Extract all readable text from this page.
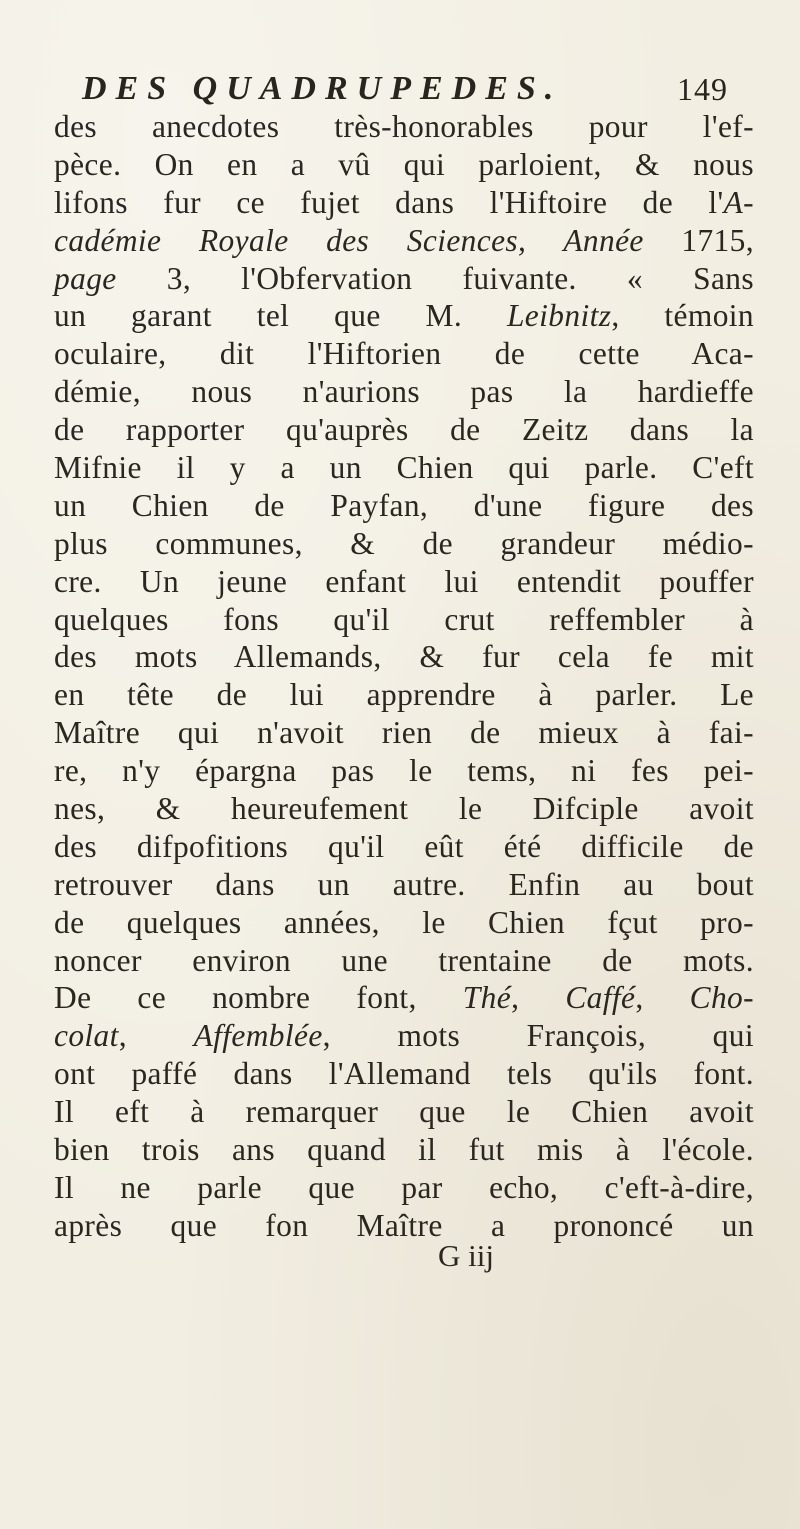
DES QUADRUPEDES.	149
des anecdotes très-honorables pour l'ef-
pèce. On en a vû qui parloient, & nous
lifons fur ce fujet dans l'Hiftoire de l'A-
cadémie Royale des Sciences, Année 1715,
page 3, l'Obfervation fuivante. « Sans
un garant tel que M. Leibnitz, témoin
oculaire, dit l'Hiftorien de cette Aca-
démie, nous n'aurions pas la hardieffe
de rapporter qu'auprès de Zeitz dans la
Mifnie il y a un Chien qui parle. C'eft
un Chien de Payfan, d'une figure des
plus communes, & de grandeur médio-
cre. Un jeune enfant lui entendit pouffer
quelques fons qu'il crut reffembler à
des mots Allemands, & fur cela fe mit
en tête de lui apprendre à parler. Le
Maître qui n'avoit rien de mieux à fai-
re, n'y épargna pas le tems, ni fes pei-
nes, & heureufement le Difciple avoit
des difpofitions qu'il eût été difficile de
retrouver dans un autre. Enfin au bout
de quelques années, le Chien fçut pro-
noncer environ une trentaine de mots.
De ce nombre font, Thé, Caffé, Cho-
colat, Affemblée, mots François, qui
ont paffé dans l'Allemand tels qu'ils font.
Il eft à remarquer que le Chien avoit
bien trois ans quand il fut mis à l'école.
Il ne parle que par echo, c'eft-à-dire,
après que fon Maître a prononcé un
G iij
